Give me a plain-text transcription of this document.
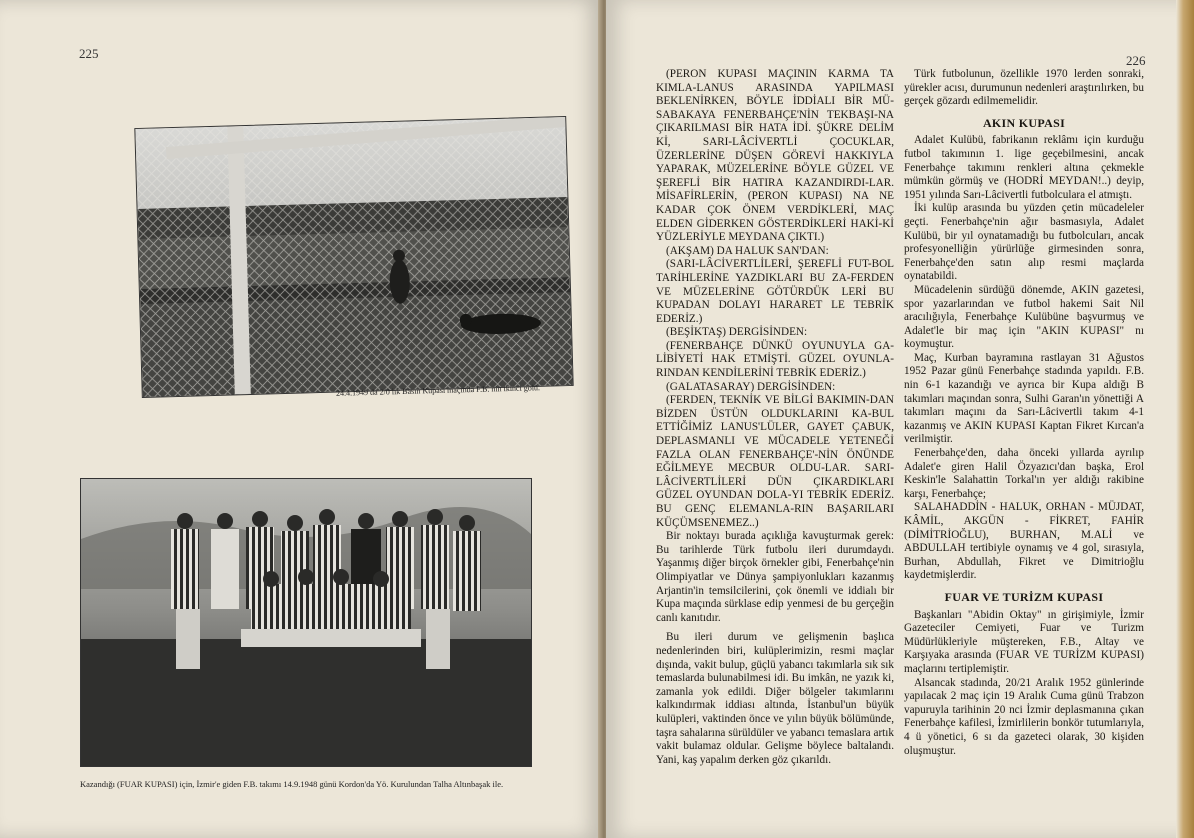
225
24.4.1949 da 2/0 lık Basın Kupası maçında F.B. nin ikinci golü.
Kazandığı (FUAR KUPASI) için, İzmir'e giden F.B. takımı 14.9.1948 günü Kordon'da Yö. Kurulundan Talha Altınbaşak ile.
226

(PERON KUPASI MAÇININ KARMA TA KIMLA-LANUS ARASINDA YAPILMASI BEKLENİRKEN, BÖYLE İDDİALI BİR MÜ-SABAKAYA FENERBAHÇE'NİN TEKBAŞI-NA ÇIKARILMASI BİR HATA İDİ. ŞÜKRE DELİM Kİ, SARI-LÂCİVERTLİ ÇOCUKLAR, ÜZERLERİNE DÜŞEN GÖREVİ HAKKIYLA YAPARAK, MÜZELERİNE BÖYLE GÜZEL VE ŞEREFLİ BİR HATIRA KAZANDIRDI-LAR. MİSAFİRLERİN, (PERON KUPASI) NA NE KADAR ÇOK ÖNEM VERDİKLERİ, MAÇ ELDEN GİDERKEN GÖSTERDİKLERİ HAKİ-Kİ YÜZLERİYLE MEYDANA ÇIKTI.)

(AKŞAM) DA HALUK SAN'DAN:

(SARI-LÂCİVERTLİLERİ, ŞEREFLİ FUT-BOL TARİHLERİNE YAZDIKLARI BU ZA-FERDEN VE MÜZELERİNE GÖTÜRDÜK LERİ BU KUPADAN DOLAYI HARARET LE TEBRİK EDERİZ.)

(BEŞİKTAŞ) DERGİSİNDEN:

(FENERBAHÇE DÜNKÜ OYUNUYLA GA-LİBİYETİ HAK ETMİŞTİ. GÜZEL OYUNLA-RINDAN KENDİLERİNİ TEBRİK EDERİZ.)

(GALATASARAY) DERGİSİNDEN:

(FERDEN, TEKNİK VE BİLGİ BAKIMIN-DAN BİZDEN ÜSTÜN OLDUKLARINI KA-BUL ETTİĞİMİZ LANUS'LÜLER, GAYET ÇABUK, DEPLASMANLI VE MÜCADELE YETENEĞİ FAZLA OLAN FENERBAHÇE'-NİN ÖNÜNDE EĞİLMEYE MECBUR OLDU-LAR. SARI-LÂCİVERTLİLERİ DÜN ÇIKARDIKLARI GÜZEL OYUNDAN DOLA-YI TEBRİK EDERİZ. BU GENÇ ELEMANLA-RIN BAŞARILARI KÜÇÜMSENEMEZ..)

Bir noktayı burada açıklığa kavuşturmak gerek: Bu tarihlerde Türk futbolu ileri durumdaydı. Yaşanmış diğer birçok örnekler gibi, Fenerbahçe'nin Olimpiyatlar ve Dünya şampiyonlukları kazanmış Arjantin'in temsilcilerini, çok önemli ve iddialı bir Kupa maçında sürklase edip yenmesi de bu gerçeğin canlı kanıtıdır.

Bu ileri durum ve gelişmenin başlıca nedenlerinden biri, kulüplerimizin, resmi maçlar dışında, vakit bulup, güçlü yabancı takımlarla sık sık temaslarda bulunabilmesi idi. Bu imkân, ne yazık ki, zamanla yok edildi. Diğer bölgeler takımlarını kalkındırmak iddiası altında, İstanbul'un büyük kulüpleri, vaktinden önce ve yılın büyük bölümünde, taşra sahalarına sürüldüler ve yabancı temaslara artık vakit bulamaz oldular. Gelişme böylece baltalandı. Yani, kaş yapalım derken göz çıkarıldı.

Türk futbolunun, özellikle 1970 lerden sonraki, yürekler acısı, durumunun nedenleri araştırılırken, bu gerçek gözardı edilmemelidir.

AKIN KUPASI

Adalet Kulübü, fabrikanın reklâmı için kurduğu futbol takımının 1. lige geçebilmesini, ancak Fenerbahçe takımını renkleri altına çekmekle mümkün görmüş ve (HODRİ MEYDAN!..) deyip, 1951 yılında Sarı-Lâcivertli futbolculara el atmıştı.

İki kulüp arasında bu yüzden çetin mücadeleler geçti. Fenerbahçe'nin ağır basmasıyla, Adalet Kulübü, bir yıl oynatamadığı bu futbolcuları, ancak profesyonelliğin yürürlüğe girmesinden sonra, Fenerbahçe'den satın alıp resmi maçlarda oynatabildi.

Mücadelenin sürdüğü dönemde, AKIN gazetesi, spor yazarlarından ve futbol hakemi Sait Nil aracılığıyla, Fenerbahçe Kulübüne başvurmuş ve Adalet'le bir maç için "AKIN KUPASI" nı koymuştur.

Maç, Kurban bayramına rastlayan 31 Ağustos 1952 Pazar günü Fenerbahçe stadında yapıldı. F.B. nin 6-1 kazandığı ve ayrıca bir Kupa aldığı B takımları maçından sonra, Sulhi Garan'ın yönettiği A takımları maçını da Sarı-Lâcivertli takım 4-1 kazanmış ve AKIN KUPASI Kaptan Fikret Kırcan'a verilmiştir.

Fenerbahçe'den, daha önceki yıllarda ayrılıp Adalet'e giren Halil Özyazıcı'dan başka, Erol Keskin'le Salahattin Torkal'ın yer aldığı rakibine karşı, Fenerbahçe;

SALAHADDİN - HALUK, ORHAN - MÜJDAT, KÂMİL, AKGÜN - FİKRET, FAHİR (DİMİTRİOĞLU), BURHAN, M.ALİ ve ABDULLAH tertibiyle oynamış ve 4 gol, sırasıyla, Burhan, Abdullah, Fikret ve Dimitrioğlu kaydetmişlerdir.

FUAR VE TURİZM KUPASI

Başkanları "Abidin Oktay" ın girişimiyle, İzmir Gazeteciler Cemiyeti, Fuar ve Turizm Müdürlükleriyle müştereken, F.B., Altay ve Karşıyaka arasında (FUAR VE TURİZM KUPASI) maçlarını tertiplemiştir.

Alsancak stadında, 20/21 Aralık 1952 günlerinde yapılacak 2 maç için 19 Aralık Cuma günü Trabzon vapuruyla tarihinin 20 nci İzmir deplasmanına çıkan Fenerbahçe kafilesi, İzmirlilerin bonkör tutumlarıyla, 4 ü yönetici, 6 sı da gazeteci olarak, 30 kişiden oluşmuştur.
